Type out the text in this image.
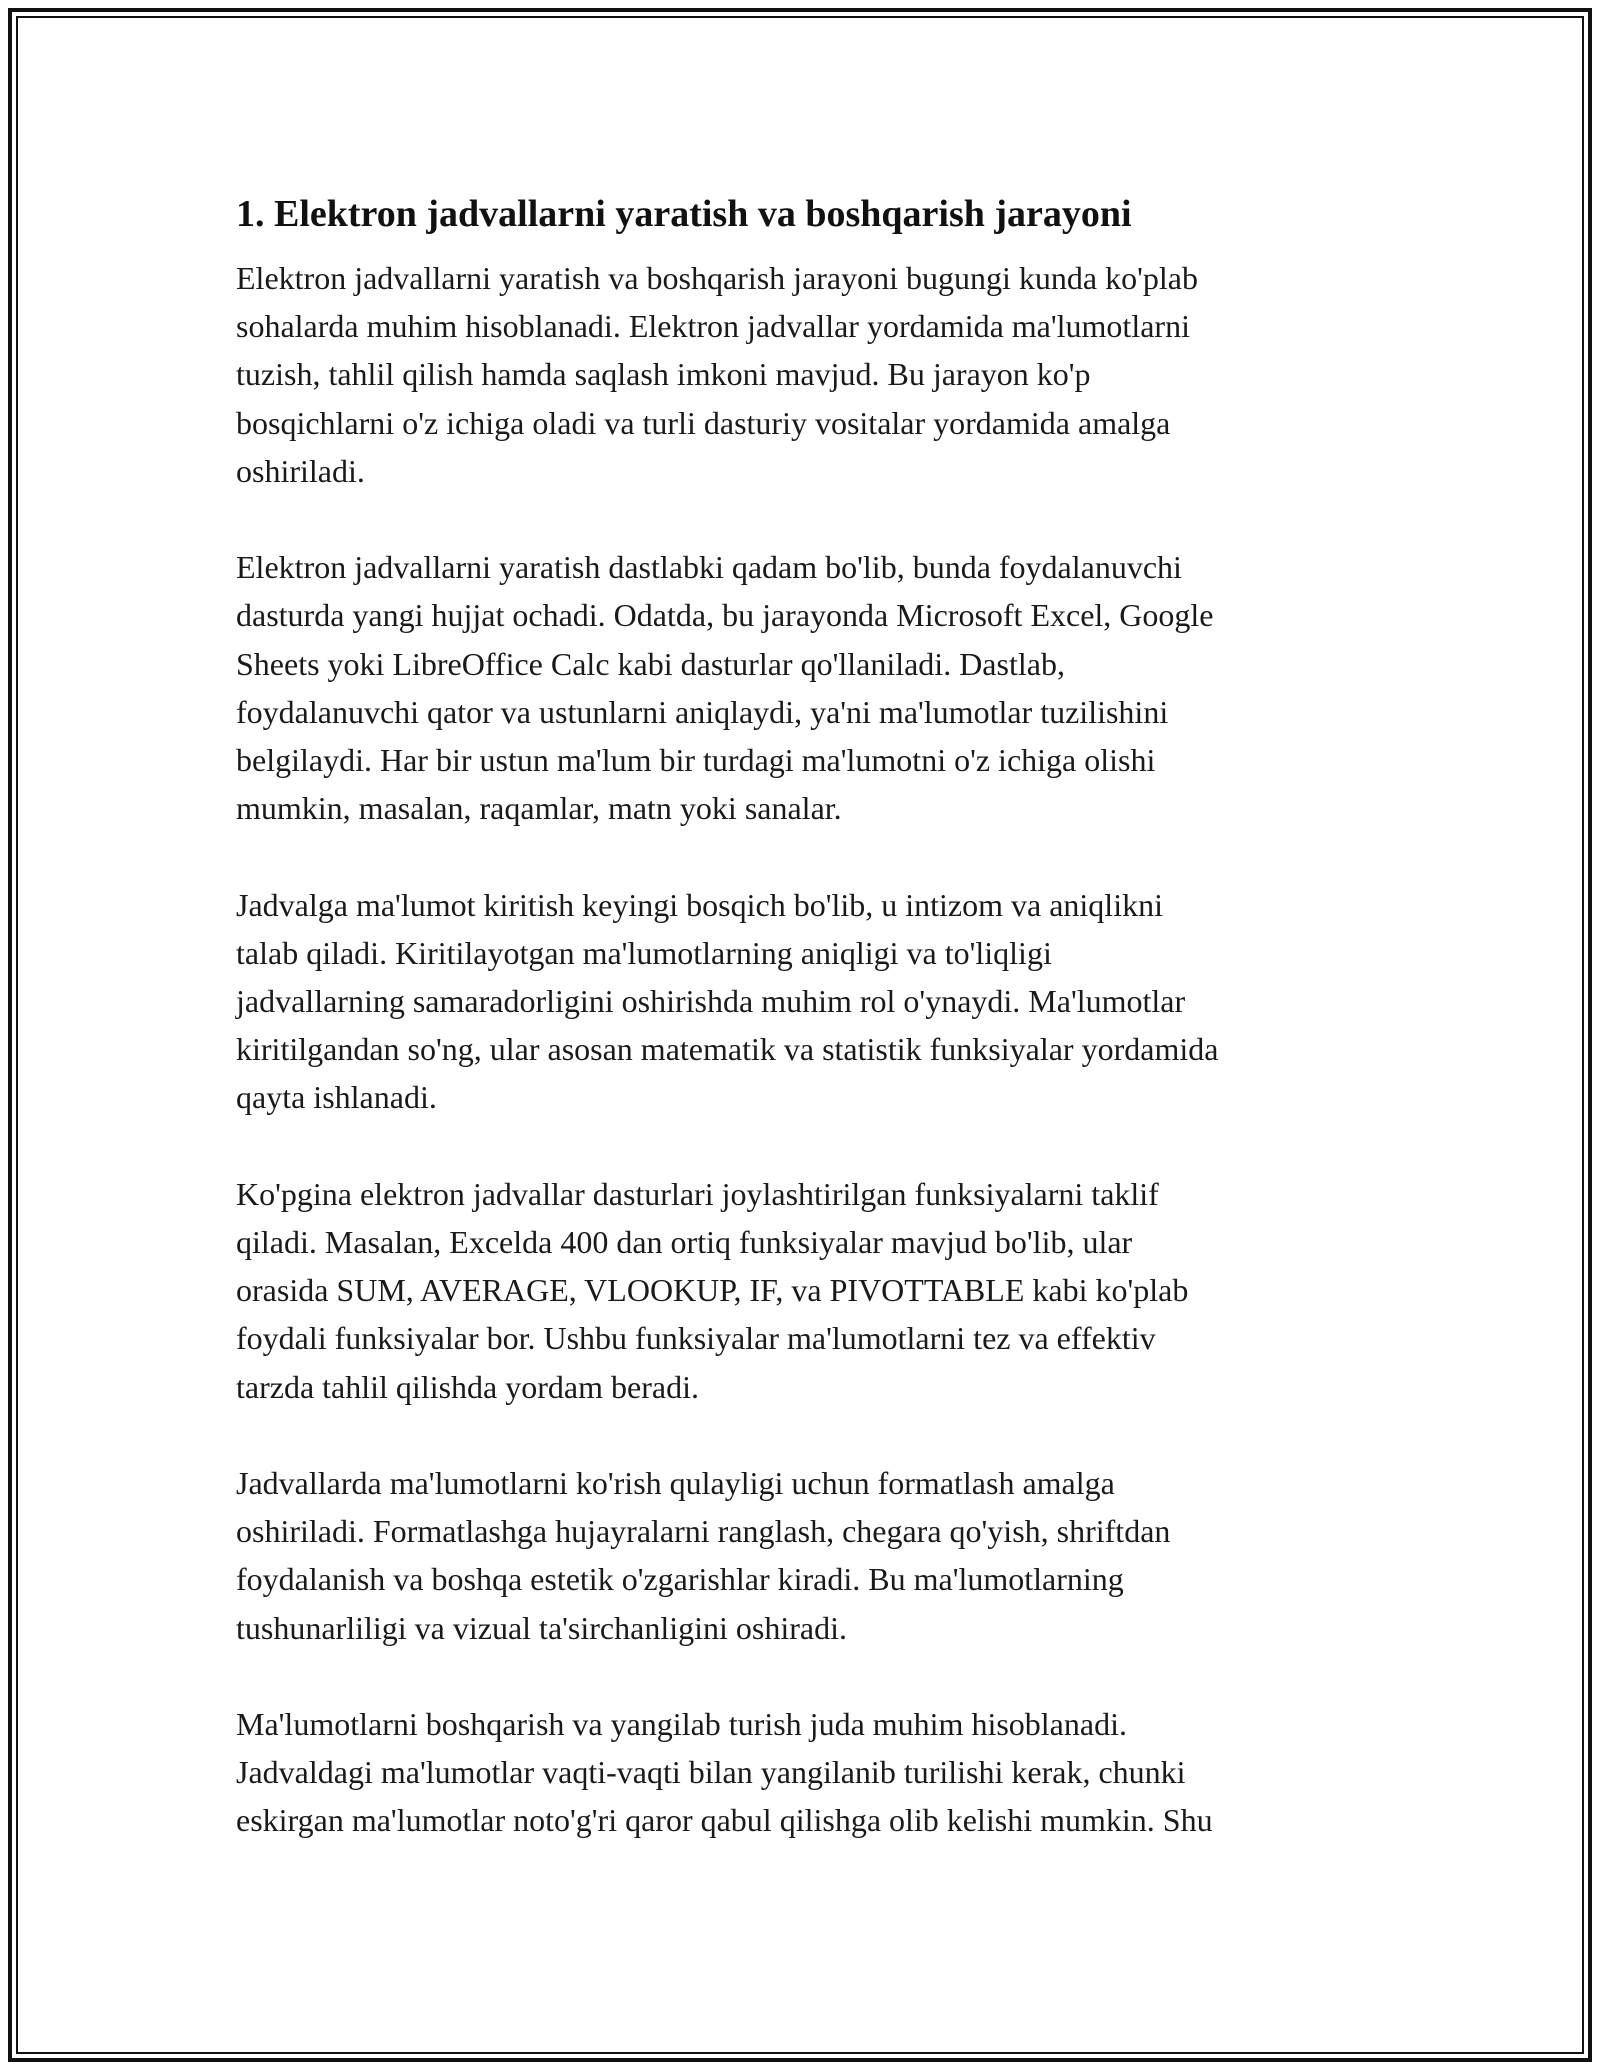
1. Elektron jadvallarni yaratish va boshqarish jarayoni

Elektron jadvallarni yaratish va boshqarish jarayoni bugungi kunda ko'plab
sohalarda muhim hisoblanadi. Elektron jadvallar yordamida ma'lumotlarni
tuzish, tahlil qilish hamda saqlash imkoni mavjud. Bu jarayon ko'p
bosqichlarni o'z ichiga oladi va turli dasturiy vositalar yordamida amalga
oshiriladi.

Elektron jadvallarni yaratish dastlabki qadam bo'lib, bunda foydalanuvchi
dasturda yangi hujjat ochadi. Odatda, bu jarayonda Microsoft Excel, Google
Sheets yoki LibreOffice Calc kabi dasturlar qo'llaniladi. Dastlab,
foydalanuvchi qator va ustunlarni aniqlaydi, ya'ni ma'lumotlar tuzilishini
belgilaydi. Har bir ustun ma'lum bir turdagi ma'lumotni o'z ichiga olishi
mumkin, masalan, raqamlar, matn yoki sanalar.

Jadvalga ma'lumot kiritish keyingi bosqich bo'lib, u intizom va aniqlikni
talab qiladi. Kiritilayotgan ma'lumotlarning aniqligi va to'liqligi
jadvallarning samaradorligini oshirishda muhim rol o'ynaydi. Ma'lumotlar
kiritilgandan so'ng, ular asosan matematik va statistik funksiyalar yordamida
qayta ishlanadi.

Ko'pgina elektron jadvallar dasturlari joylashtirilgan funksiyalarni taklif
qiladi. Masalan, Excelda 400 dan ortiq funksiyalar mavjud bo'lib, ular
orasida SUM, AVERAGE, VLOOKUP, IF, va PIVOTTABLE kabi ko'plab
foydali funksiyalar bor. Ushbu funksiyalar ma'lumotlarni tez va effektiv
tarzda tahlil qilishda yordam beradi.

Jadvallarda ma'lumotlarni ko'rish qulayligi uchun formatlash amalga
oshiriladi. Formatlashga hujayralarni ranglash, chegara qo'yish, shriftdan
foydalanish va boshqa estetik o'zgarishlar kiradi. Bu ma'lumotlarning
tushunarliligi va vizual ta'sirchanligini oshiradi.

Ma'lumotlarni boshqarish va yangilab turish juda muhim hisoblanadi.
Jadvaldagi ma'lumotlar vaqti-vaqti bilan yangilanib turilishi kerak, chunki
eskirgan ma'lumotlar noto'g'ri qaror qabul qilishga olib kelishi mumkin. Shu
